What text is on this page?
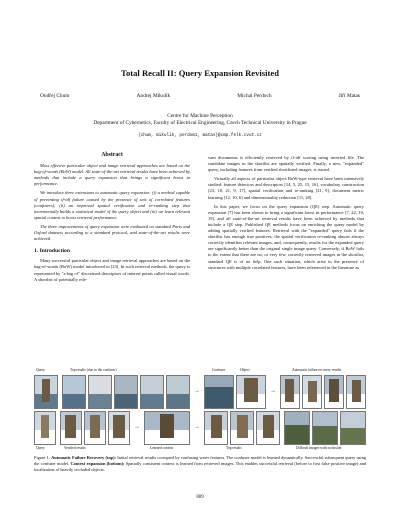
Total Recall II: Query Expansion Revisited
Ondřej Chum	Andrej Mikulík	Michal Perdoch	Jiří Matas
Centre for Machine Perception
Department of Cybernetics, Faculty of Electrical Engineering, Czech Technical University in Prague
{chum, mikulik, perdom1, matas}@cmp.felk.cvut.cz
Abstract

Most effective particular object and image retrieval approaches are based on the bag-of-words (BoW) model. All state-of-the-art retrieval results have been achieved by methods that include a query expansion that brings a significant boost in performance.

We introduce three extensions to automatic query expansion: (i) a method capable of preventing tf-idf failure caused by the presence of sets of correlated features (confusers), (ii) an improved spatial verification and re-ranking step that incrementally builds a statistical model of the query object and (iii) we learn relevant spatial context to boost retrieval performance.

The three improvements of query expansion were evaluated on standard Paris and Oxford datasets according to a standard protocol, and state-of-the-art results were achieved.

1. Introduction

Many successful particular object and image retrieval approaches are based on the bag-of-words (BoW) model introduced in [23]. In such retrieval methods, the query is represented by "a bag of" discretised descriptors of interest points called visual words. A shortlist of potentially rele-

vant documents is efficiently retrieved by tf-idf scoring using inverted file. The candidate images in the shortlist are spatially verified. Finally, a new, "expanded" query, including features from verified shortlisted images, is issued.

Virtually all aspects of particular object BoW-type retrieval have been intensively studied: feature detectors and descriptors [14, 5, 25, 15, 16], vocabulary construction [23, 18, 21, 9, 17], spatial verification and re-ranking [21, 9], document metric learning [12, 10, 6] and dimensionality reduction [11, 20].

In this paper, we focus on the query expansion (QE) step. Automatic query expansion [7] has been shown to bring a significant boost in performance [7, 22, 10, 19], and all state-of-the-art retrieval results have been achieved by methods that include a QE step. Published QE methods focus on enriching the query model by adding spatially verified features. Retrieval with the "expanded" query fails if the shortlist has enough true positives, the spatial verification re-ranking almost always correctly identifies relevant images, and, consequently, results for the expanded query are significantly better than the original single image query. Conversely, if BoW fails to the extent that there are no, or very few, correctly retrieved images in the shortlist, standard QE is of no help. One such situation, which arise in the presence of structures with multiple correlated features, have been referenced in the literature as

Query	Top results (due to the confuser)	Confuser	Object	Automatic failure recovery results
→	→
→	→
Query	Verified results	Learned context	Top results	Difficult images with occlusion
Figure 1. Automatic Failure Recovery (top): Initial retrieval results corrupted by confusing water features. The confuser model is learned dynamically. Successful subsequent query using the confuser model. Context expansion (bottom): Spatially consistent context is learned from retrieved images. This enables successful retrieval (before to first false positive image) and localization of heavily occluded objects.
889
